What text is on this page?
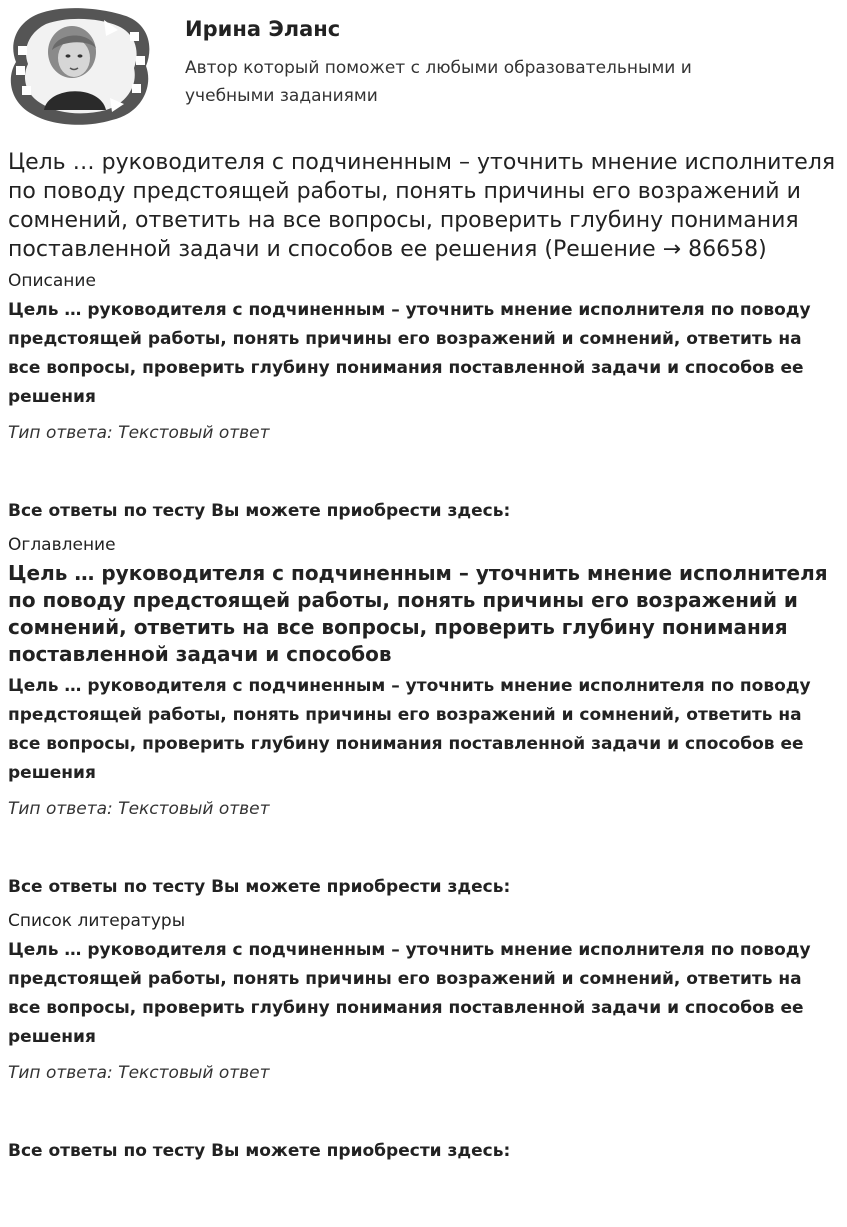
Ирина Эланс

Автор который поможет с любыми образовательными и учебными заданиями

Цель … руководителя с подчиненным – уточнить мнение исполнителя по поводу предстоящей работы, понять причины его возражений и сомнений, ответить на все вопросы, проверить глубину понимания поставленной задачи и способов ее решения (Решение → 86658)
Описание

Цель … руководителя с подчиненным – уточнить мнение исполнителя по поводу предстоящей работы, понять причины его возражений и сомнений, ответить на все вопросы, проверить глубину понимания поставленной задачи и способов ее решения

Тип ответа: Текстовый ответ

Все ответы по тесту Вы можете приобрести здесь:

Оглавление
Цель … руководителя с подчиненным – уточнить мнение исполнителя по поводу предстоящей работы, понять причины его возражений и сомнений, ответить на все вопросы, проверить глубину понимания поставленной задачи и способов

Цель … руководителя с подчиненным – уточнить мнение исполнителя по поводу предстоящей работы, понять причины его возражений и сомнений, ответить на все вопросы, проверить глубину понимания поставленной задачи и способов ее решения

Тип ответа: Текстовый ответ

Все ответы по тесту Вы можете приобрести здесь:

Список литературы

Цель … руководителя с подчиненным – уточнить мнение исполнителя по поводу предстоящей работы, понять причины его возражений и сомнений, ответить на все вопросы, проверить глубину понимания поставленной задачи и способов ее решения

Тип ответа: Текстовый ответ

Все ответы по тесту Вы можете приобрести здесь:
